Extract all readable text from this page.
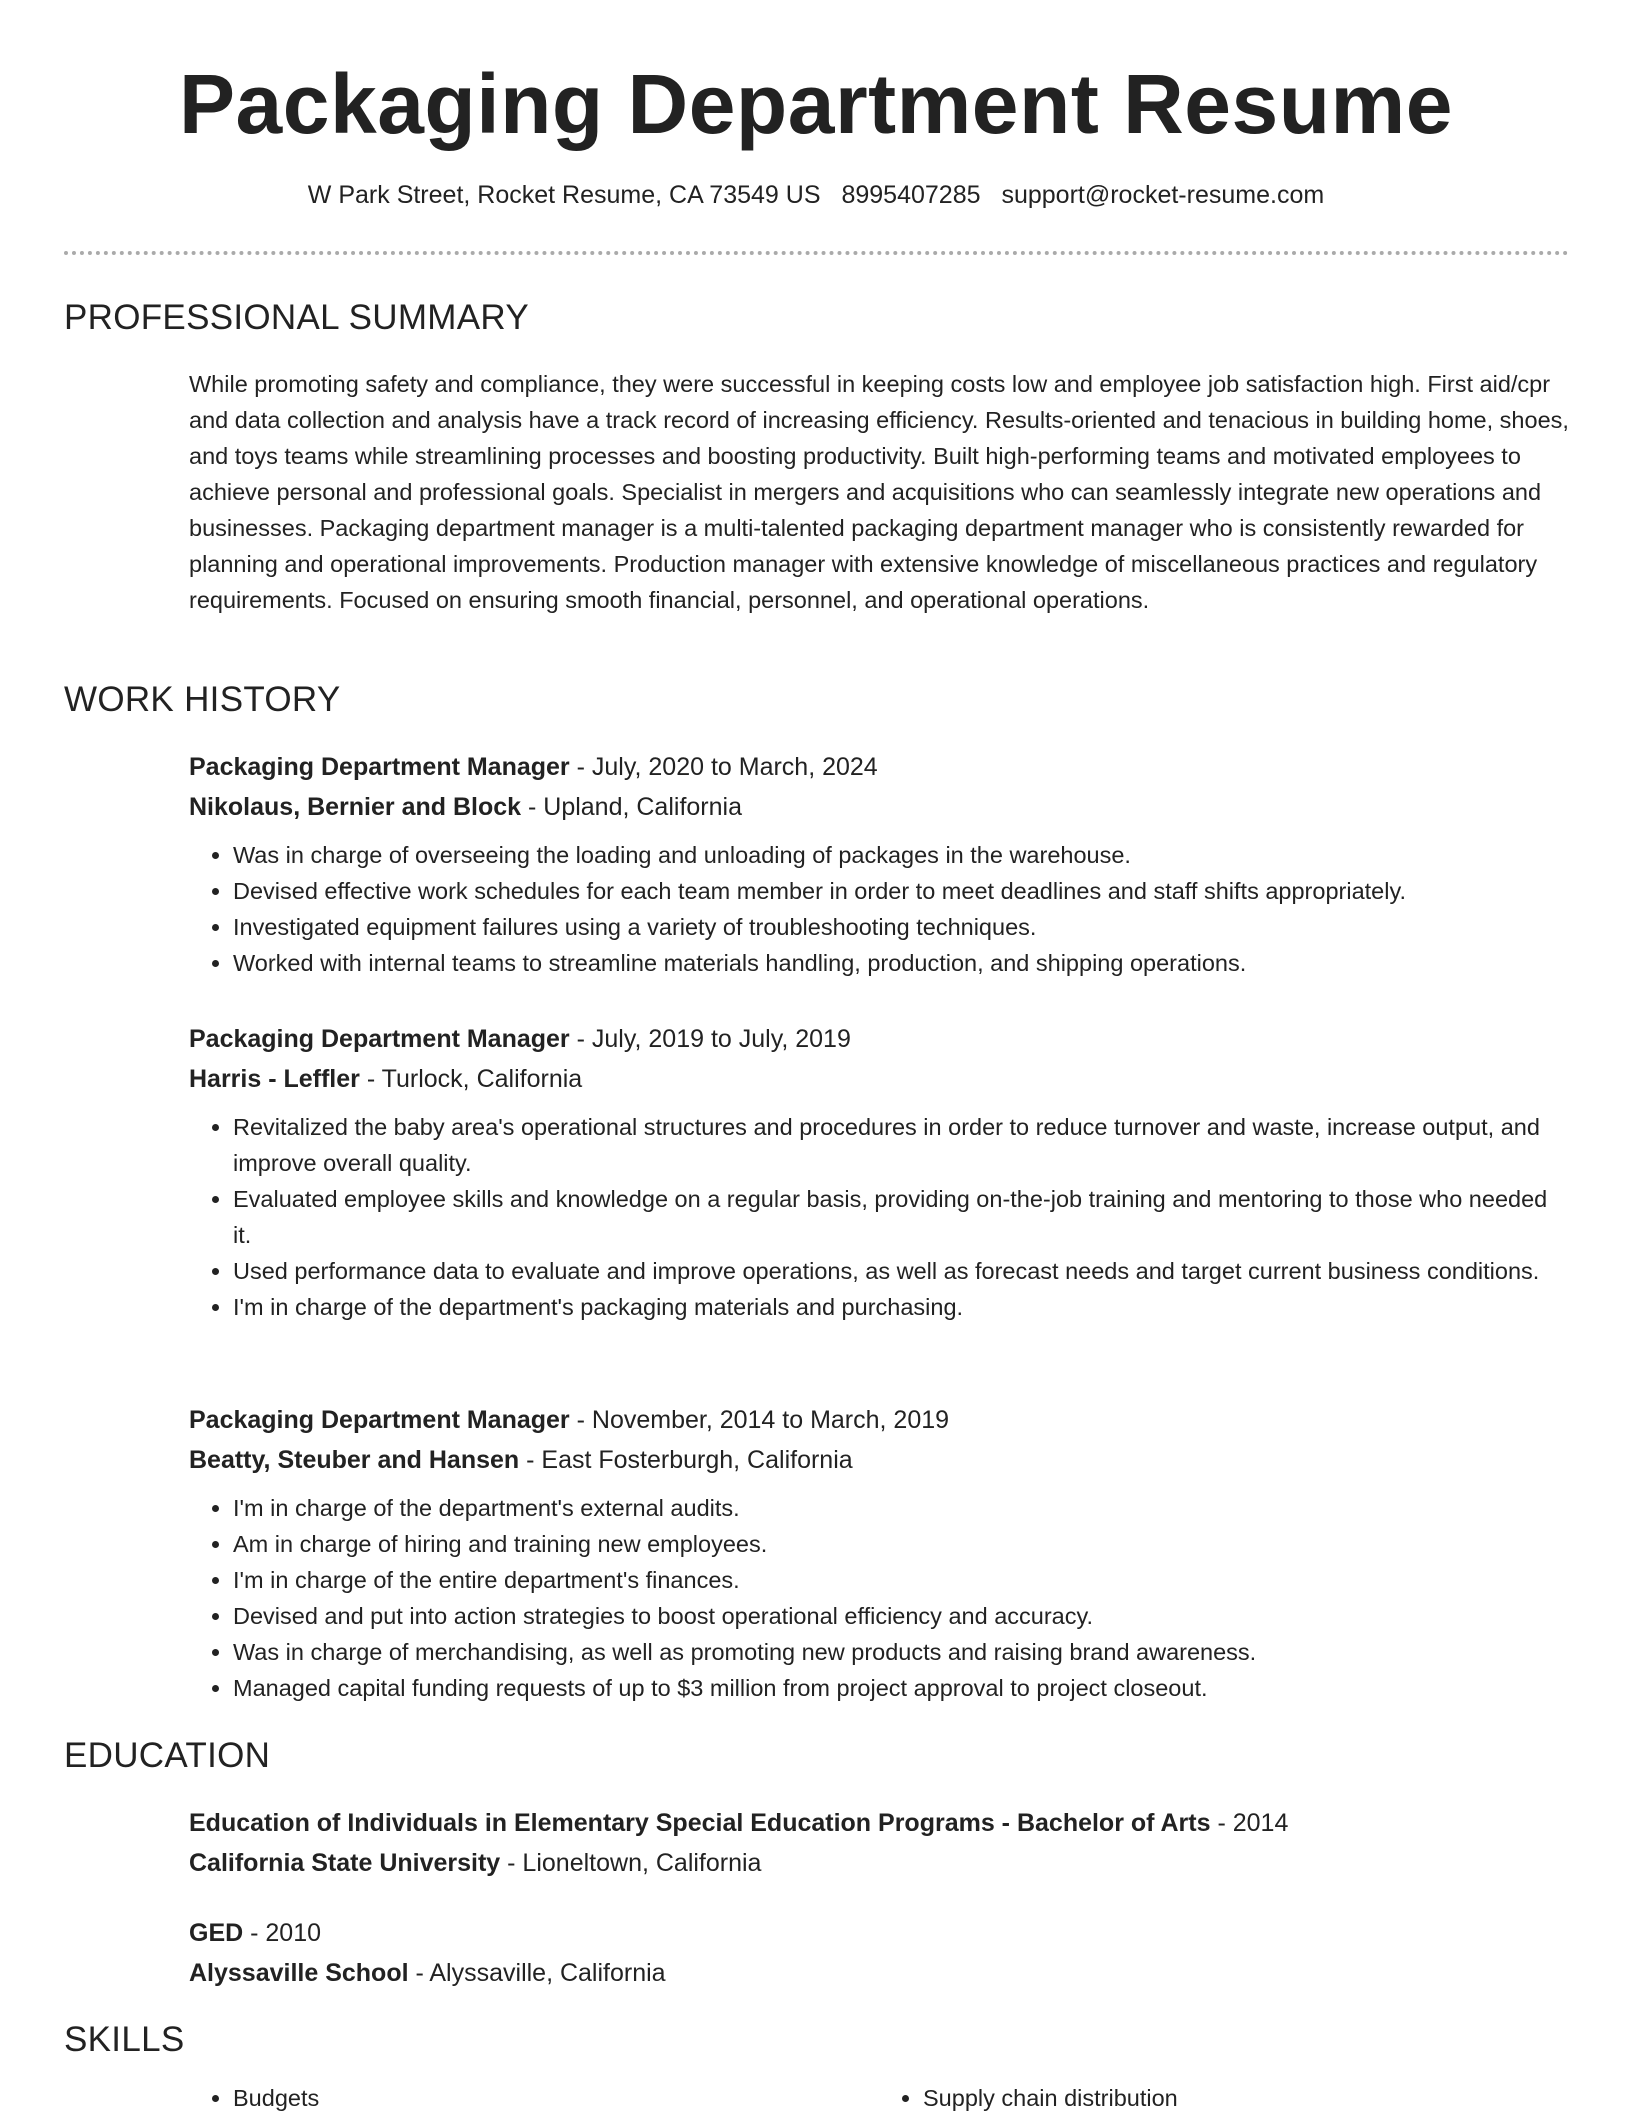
Packaging Department Resume
W Park Street, Rocket Resume, CA 73549 US 8995407285 support@rocket-resume.com
PROFESSIONAL SUMMARY

While promoting safety and compliance, they were successful in keeping costs low and employee job satisfaction high. First aid/cpr and data collection and analysis have a track record of increasing efficiency. Results-oriented and tenacious in building home, shoes, and toys teams while streamlining processes and boosting productivity. Built high-performing teams and motivated employees to achieve personal and professional goals. Specialist in mergers and acquisitions who can seamlessly integrate new operations and businesses. Packaging department manager is a multi-talented packaging department manager who is consistently rewarded for planning and operational improvements. Production manager with extensive knowledge of miscellaneous practices and regulatory requirements. Focused on ensuring smooth financial, personnel, and operational operations.

WORK HISTORY
Packaging Department Manager - July, 2020 to March, 2024
Nikolaus, Bernier and Block - Upland, California
• Was in charge of overseeing the loading and unloading of packages in the warehouse.
• Devised effective work schedules for each team member in order to meet deadlines and staff shifts appropriately.
• Investigated equipment failures using a variety of troubleshooting techniques.
• Worked with internal teams to streamline materials handling, production, and shipping operations.
Packaging Department Manager - July, 2019 to July, 2019
Harris - Leffler - Turlock, California
• Revitalized the baby area's operational structures and procedures in order to reduce turnover and waste, increase output, and improve overall quality.
• Evaluated employee skills and knowledge on a regular basis, providing on-the-job training and mentoring to those who needed it.
• Used performance data to evaluate and improve operations, as well as forecast needs and target current business conditions.
• I'm in charge of the department's packaging materials and purchasing.
Packaging Department Manager - November, 2014 to March, 2019
Beatty, Steuber and Hansen - East Fosterburgh, California
• I'm in charge of the department's external audits.
• Am in charge of hiring and training new employees.
• I'm in charge of the entire department's finances.
• Devised and put into action strategies to boost operational efficiency and accuracy.
• Was in charge of merchandising, as well as promoting new products and raising brand awareness.
• Managed capital funding requests of up to $3 million from project approval to project closeout.
EDUCATION
Education of Individuals in Elementary Special Education Programs - Bachelor of Arts - 2014
California State University - Lioneltown, California
GED - 2010
Alyssaville School - Alyssaville, California
SKILLS
• Budgets
•	Supply chain distribution
